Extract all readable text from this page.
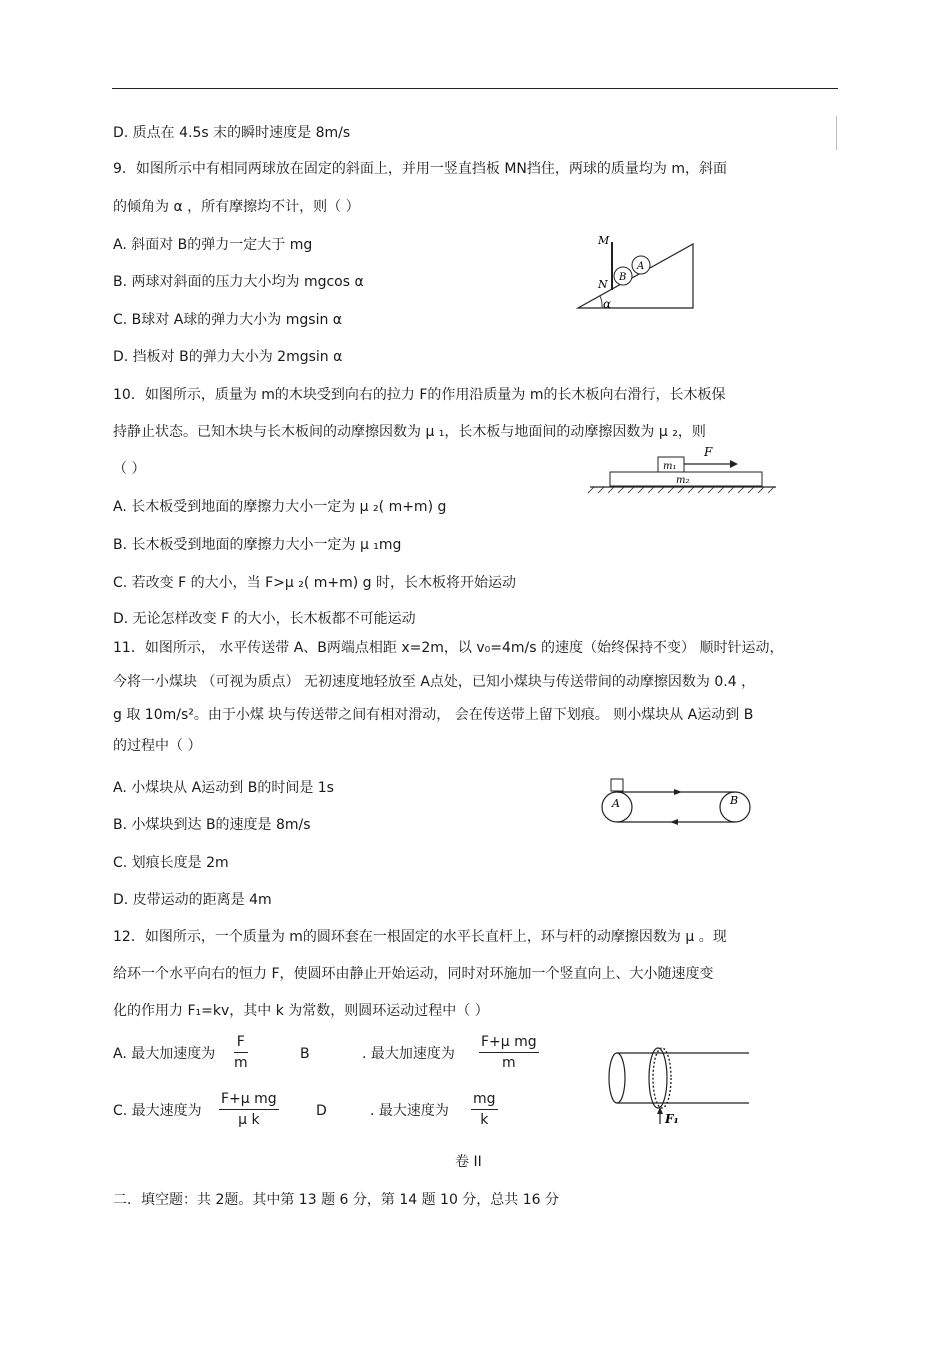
D. 质点在 4.5s 末的瞬时速度是 8m/s
9．如图所示中有相同两球放在固定的斜面上，并用一竖直挡板 MN挡住，两球的质量均为 m，斜面
的倾角为 α ，所有摩擦均不计，则（ ）
A. 斜面对 B的弹力一定大于 mg
B. 两球对斜面的压力大小均为 mgcos α
C. B球对 A球的弹力大小为 mgsin α
D. 挡板对 B的弹力大小为 2mgsin α
10．如图所示，质量为 m的木块受到向右的拉力 F的作用沿质量为 m的长木板向右滑行，长木板保
持静止状态。已知木块与长木板间的动摩擦因数为 μ ₁，长木板与地面间的动摩擦因数为 μ ₂，则
（ ）
A. 长木板受到地面的摩擦力大小一定为 μ ₂( m+m) g
B. 长木板受到地面的摩擦力大小一定为 μ ₁mg
C. 若改变 F 的大小，当 F>μ ₂( m+m) g 时，长木板将开始运动
D. 无论怎样改变 F 的大小，长木板都不可能运动
11．如图所示， 水平传送带 A、B两端点相距 x=2m，以 v₀=4m/s 的速度（始终保持不变） 顺时针运动，
今将一小煤块 （可视为质点） 无初速度地轻放至 A点处，已知小煤块与传送带间的动摩擦因数为 0.4 ，
g 取 10m/s²。由于小煤 块与传送带之间有相对滑动， 会在传送带上留下划痕。 则小煤块从 A运动到 B
的过程中（ ）
A. 小煤块从 A运动到 B的时间是 1s
B. 小煤块到达 B的速度是 8m/s
C. 划痕长度是 2m
D. 皮带运动的距离是 4m
12．如图所示，一个质量为 m的圆环套在一根固定的水平长直杆上，环与杆的动摩擦因数为 μ 。现
给环一个水平向右的恒力 F，使圆环由静止开始运动，同时对环施加一个竖直向上、大小随速度变
化的作用力 F₁=kv，其中 k 为常数，则圆环运动过程中（ ）
A. 最大加速度为 $\frac{F}{m}$	B	. 最大加速度为 $\frac{\text{F+μ mg}}{m}$
C. 最大速度为 $\frac{\text{F+μ mg}}{\text{μ k}}$	D	. 最大速度为 $\frac{mg}{k}$
卷 II
二．填空题：共 2题。其中第 13 题 6 分，第 14 题 10 分，总共 16 分
M
N
B
A
α
m₁
F
m₂
A	B
F₁
